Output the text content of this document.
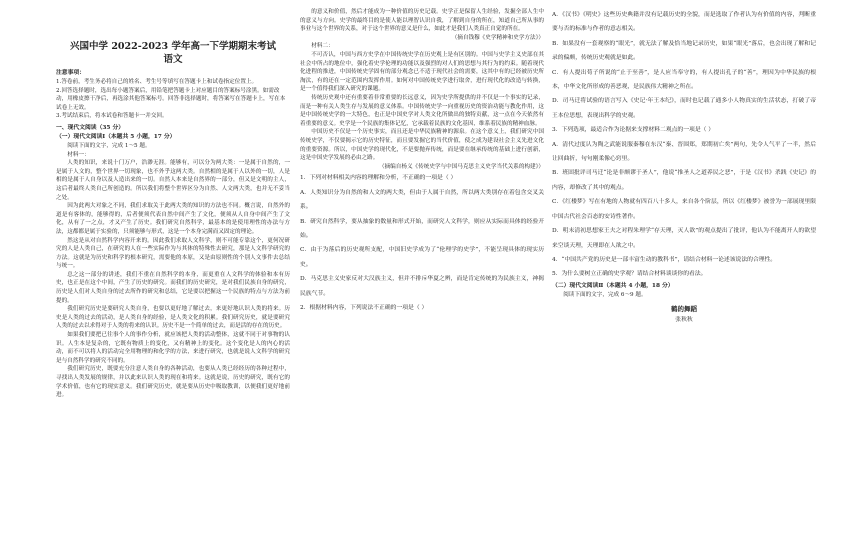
兴国中学 2022-2023 学年高一下学期期末考试
语文
注意事项：
1.答卷前，考生务必将自己的姓名、考生号等填写在答题卡上和试卷指定位置上。
2.回答选择题时，选出每小题答案后，用铅笔把答题卡上对应题目的答案标号涂黑。如需改动，用橡皮擦干净后，再选涂其他答案标号。回答非选择题时，将答案写在答题卡上，写在本试卷上无效。
3.考试结束后，将本试卷和答题卡一并交回。
一、现代文阅读（35 分）
（一）现代文阅读Ⅰ（本题共 5 小题，17 分）
阅读下面的文字，完成 1～5 题。
材料一：
人类的知识，来说十门万户，浩渺无涯。能够有，可以分为两大类：一是属于自然的，一是属于人文的，整个世界一切现象，也不外乎这两大类。自然相的是属于人以外的一切，人是相的是属于人自身以及人造出来的一切。自然人本来是自然界的一部分，但又是文明的主人，这后者最终人类自己所创造的。所以我们将整个世界区分为自然、人文两大类，也并无不妥当之处。
因为此两大对象之不同，我们求取关于此两大类的知识的方法也不同。概言说，自然外的道是有客体的，能够得的，后者便须代表自然中间产生了文化，便须从人自身中间产生了文化，从有了一之点，才又产生了历史。我们研究自然科学，最基本的是使用理性的办法与方法，这都都是属于实验的，只须能够与形式，这是一个本身完满而又固定的理论。
然这是从对自然科学内容开来的。因此我们求取人文科学，则不可能专靠这个，更何况研究的人是人类自己，在研究的人在一些实际作为与其体的特殊性去研究，那是人文科学研究的方法。这就是为历史和科学的根本研究，需要他的本原，又是由原则性的个别人文事件去总结与统一。
总之这一部分的讲述，我们不重在自然科学的本身，而更重在人文科学的体验和本有历史，也正是在这个中间，产生了历史的研究。而我们的历史研究，是对我们民族自身的研究，历史是人们对人类自身的过去所作的研究和总结，它是要以把握这一个民族的特点与方法为前提的。
我们研究历史是要研究人类自身，也要以更好地了解过去，来更好地认识人类的将来。历史是人类的过去的活动，是人类自身的经验，是人类文化的积累。我们研究历史，就是要研究人类的过去以求得对于人类的将来的认识。历史不是一个简单的过去，而是活的存在的历史。
如果我们要把已往事个人的事作分析，就应该把人类的活动整体，这就不同于对事物的认识。人生本是复杂的，它既有物质上的变化，又有精神上的变化。这个变化是人的内心的活动，而不可以将人的活动完全用物理的和化学的方法，来进行研究，也就是说人文科学的研究是与自然科学的研究不同的。
我们研究历史，既要充分注意人类自身的各种活动，也要从人类已经经历的各种过程中，寻找出人类发展的规律，并以此来认识人类的现在和将来。这就是说，历史的研究，既有它的学术价值，也有它的现实意义。我们研究历史，就是要从历史中吸取教训，以便我们更好地前进。
的意义和价值，然后才能成为一种价值的历史记载。史学正是保留人生经验，发掘全部人生中的意义与方向。史学的最终目的是使人能以理智认识自我，了解到自身的所在，知道自己所从事的事业与这个世界的关系，对于这个世界的意义是什么，如此才是我们人类真正自觉的所在。
（摘自钱穆《史学精神和史学方法》）
材料二：
不可否认，中国与西方史学在中国传统史学在历史观上是有区别的。中国与史学主义史部在其社会中所占的地位中，强化着史学伦理的功能以及强烈的对人们的思想与其行为的约束。随着现代化进程的推进，中国传统史学固有的部分观念已不适于现代社会的需要，这其中有的已经被历史所淘汰，有的还在一定范围内发挥作用。如何对中国传统史学进行取舍，进行现代化的改造与转换，是一个值得我们深入研究的课题。
传统历史观中还有重要着非常重要的长远意义，因为史学所提供的并不仅是一个事实的记录，而是一种有关人类生存与发展的意义体系。中国传统史学一向重视历史的资治功能与教化作用，这是中国传统史学的一大特色，也正是中国史学对人类文化所做出的独特贡献，这一点在今天依然有着重要的意义。史学是一个民族的集体记忆，它承载着民族的文化基因，维系着民族的精神血脉。
中国历史不仅是一个历史事实，而且还是中华民族精神的源泉。在这个意义上，我们研究中国传统史学，不仅要揭示它的历史特征，而且要发掘它的当代价值，使之成为建设社会主义先进文化的重要资源。所以，中国史学的现代化，不是要抛弃传统，而是要在继承传统的基础上进行创新，这是中国史学发展的必由之路。
（摘编自杨义《传统史学与中国马克思主义史学当代关系的构建》）
1．下列对材料相关内容的理解和分析，不正确的一项是（ ）
A．人类知识分为自然的和人文的两大类，但由于人属于自然，所以两大类别存在着包含交叉关系。
B．研究自然科学，要从抽象的数量和形式开始，而研究人文科学，则应从实际而具体的经验开始。
C．由于为落后的历史观所支配，中国旧史学成为了“伦理学的史学”，不能呈现具体的现实历史。
D．马克思主义史家反对大汉族主义，但并不排斥华夏之辨，而是肯定传统的为民族主义，神揭民族气节。
2．根据材料内容，下列说法不正确的一项是（ ）
A．《汉书》《明史》这些历史典籍并没有记载历史的全貌，而是选取了作者认为有价值的内容，判断重要与否的标准与作者的意志相关。
B．如果没有一套观察的“眼光”，就无法了解及恰当地记录历史，如果“眼光”落后，也会出现了解和记录的偏颇，传统历史观就是如此。
C．有人提出荀子所说的“止于至善”，是人应当奉守的，有人提出孔子的“善”，理因为中华民族的根本，中华文化所形成的善恶观，是民族伟大精神之所在。
D．司马迁将试验的语言写入《史记·年王本纪》，而时也记载了通多小人物真实的生活状态，打破了帝王本位思想，表现出科学的史观。
3．下列选项，最适合作为论据来支撑材料二观点的一项是（ ）
A．清代过度认为陶之武能说服秦穆在东汉“秦、晋围郑，郑期初亡矣”两句，先令人气平了一半，然后让回曲折，句句刚柔像心窍里。
B．班固批评司马迁“论是非颇谬于圣人”，他说“推圣人之道养民之恶”，于是《汉书》杀践《史记》的内容，却修改了其中的观点。
C．《红楼梦》写在有地的人物就有四百八十多人，来自各个阶层，所以《红楼梦》被誉为一部展现里限中国古代社会百态的安诗性著作。
D．明末清初思想家王夫之对程朱理学“存天理，灭人欲”的观点提出了批评，他认为不能离开人的欲望来空谈天理，天理即在人欲之中。
4．“中国共产党的历史是一部丰富生动的教科书”，请结合材料一论述该说法的合理性。
5．为什么要树立正确的史学观？请结合材料谈谈你的看法。
（二）现代文阅读Ⅱ（本题共 4 小题，18 分）
阅读下面的文字，完成 6～9 题。
鹤的舞蹈
张秋秋
